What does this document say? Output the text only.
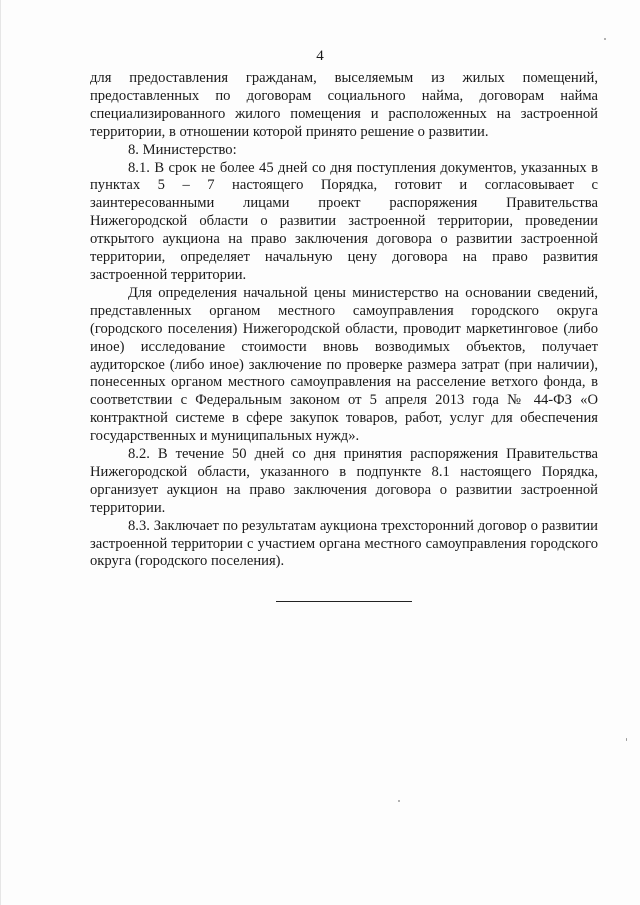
4

для предоставления гражданам, выселяемым из жилых помещений, предоставленных по договорам социального найма, договорам найма специализированного жилого помещения и расположенных на застроенной территории, в отношении которой принято решение о развитии.

8. Министерство:

8.1. В срок не более 45 дней со дня поступления документов, указанных в пунктах 5 – 7 настоящего Порядка, готовит и согласовывает с заинтересованными лицами проект распоряжения Правительства Нижегородской области о развитии застроенной территории, проведении открытого аукциона на право заключения договора о развитии застроенной территории, определяет начальную цену договора на право развития застроенной территории.

Для определения начальной цены министерство на основании сведений, представленных органом местного самоуправления городского округа (городского поселения) Нижегородской области, проводит маркетинговое (либо иное) исследование стоимости вновь возводимых объектов, получает аудиторское (либо иное) заключение по проверке размера затрат (при наличии), понесенных органом местного самоуправления на расселение ветхого фонда, в соответствии с Федеральным законом от 5 апреля 2013 года № 44-ФЗ «О контрактной системе в сфере закупок товаров, работ, услуг для обеспечения государственных и муниципальных нужд».

8.2. В течение 50 дней со дня принятия распоряжения Правительства Нижегородской области, указанного в подпункте 8.1 настоящего Порядка, организует аукцион на право заключения договора о развитии застроенной территории.

8.3. Заключает по результатам аукциона трехсторонний договор о развитии застроенной территории с участием органа местного самоуправления городского округа (городского поселения).
